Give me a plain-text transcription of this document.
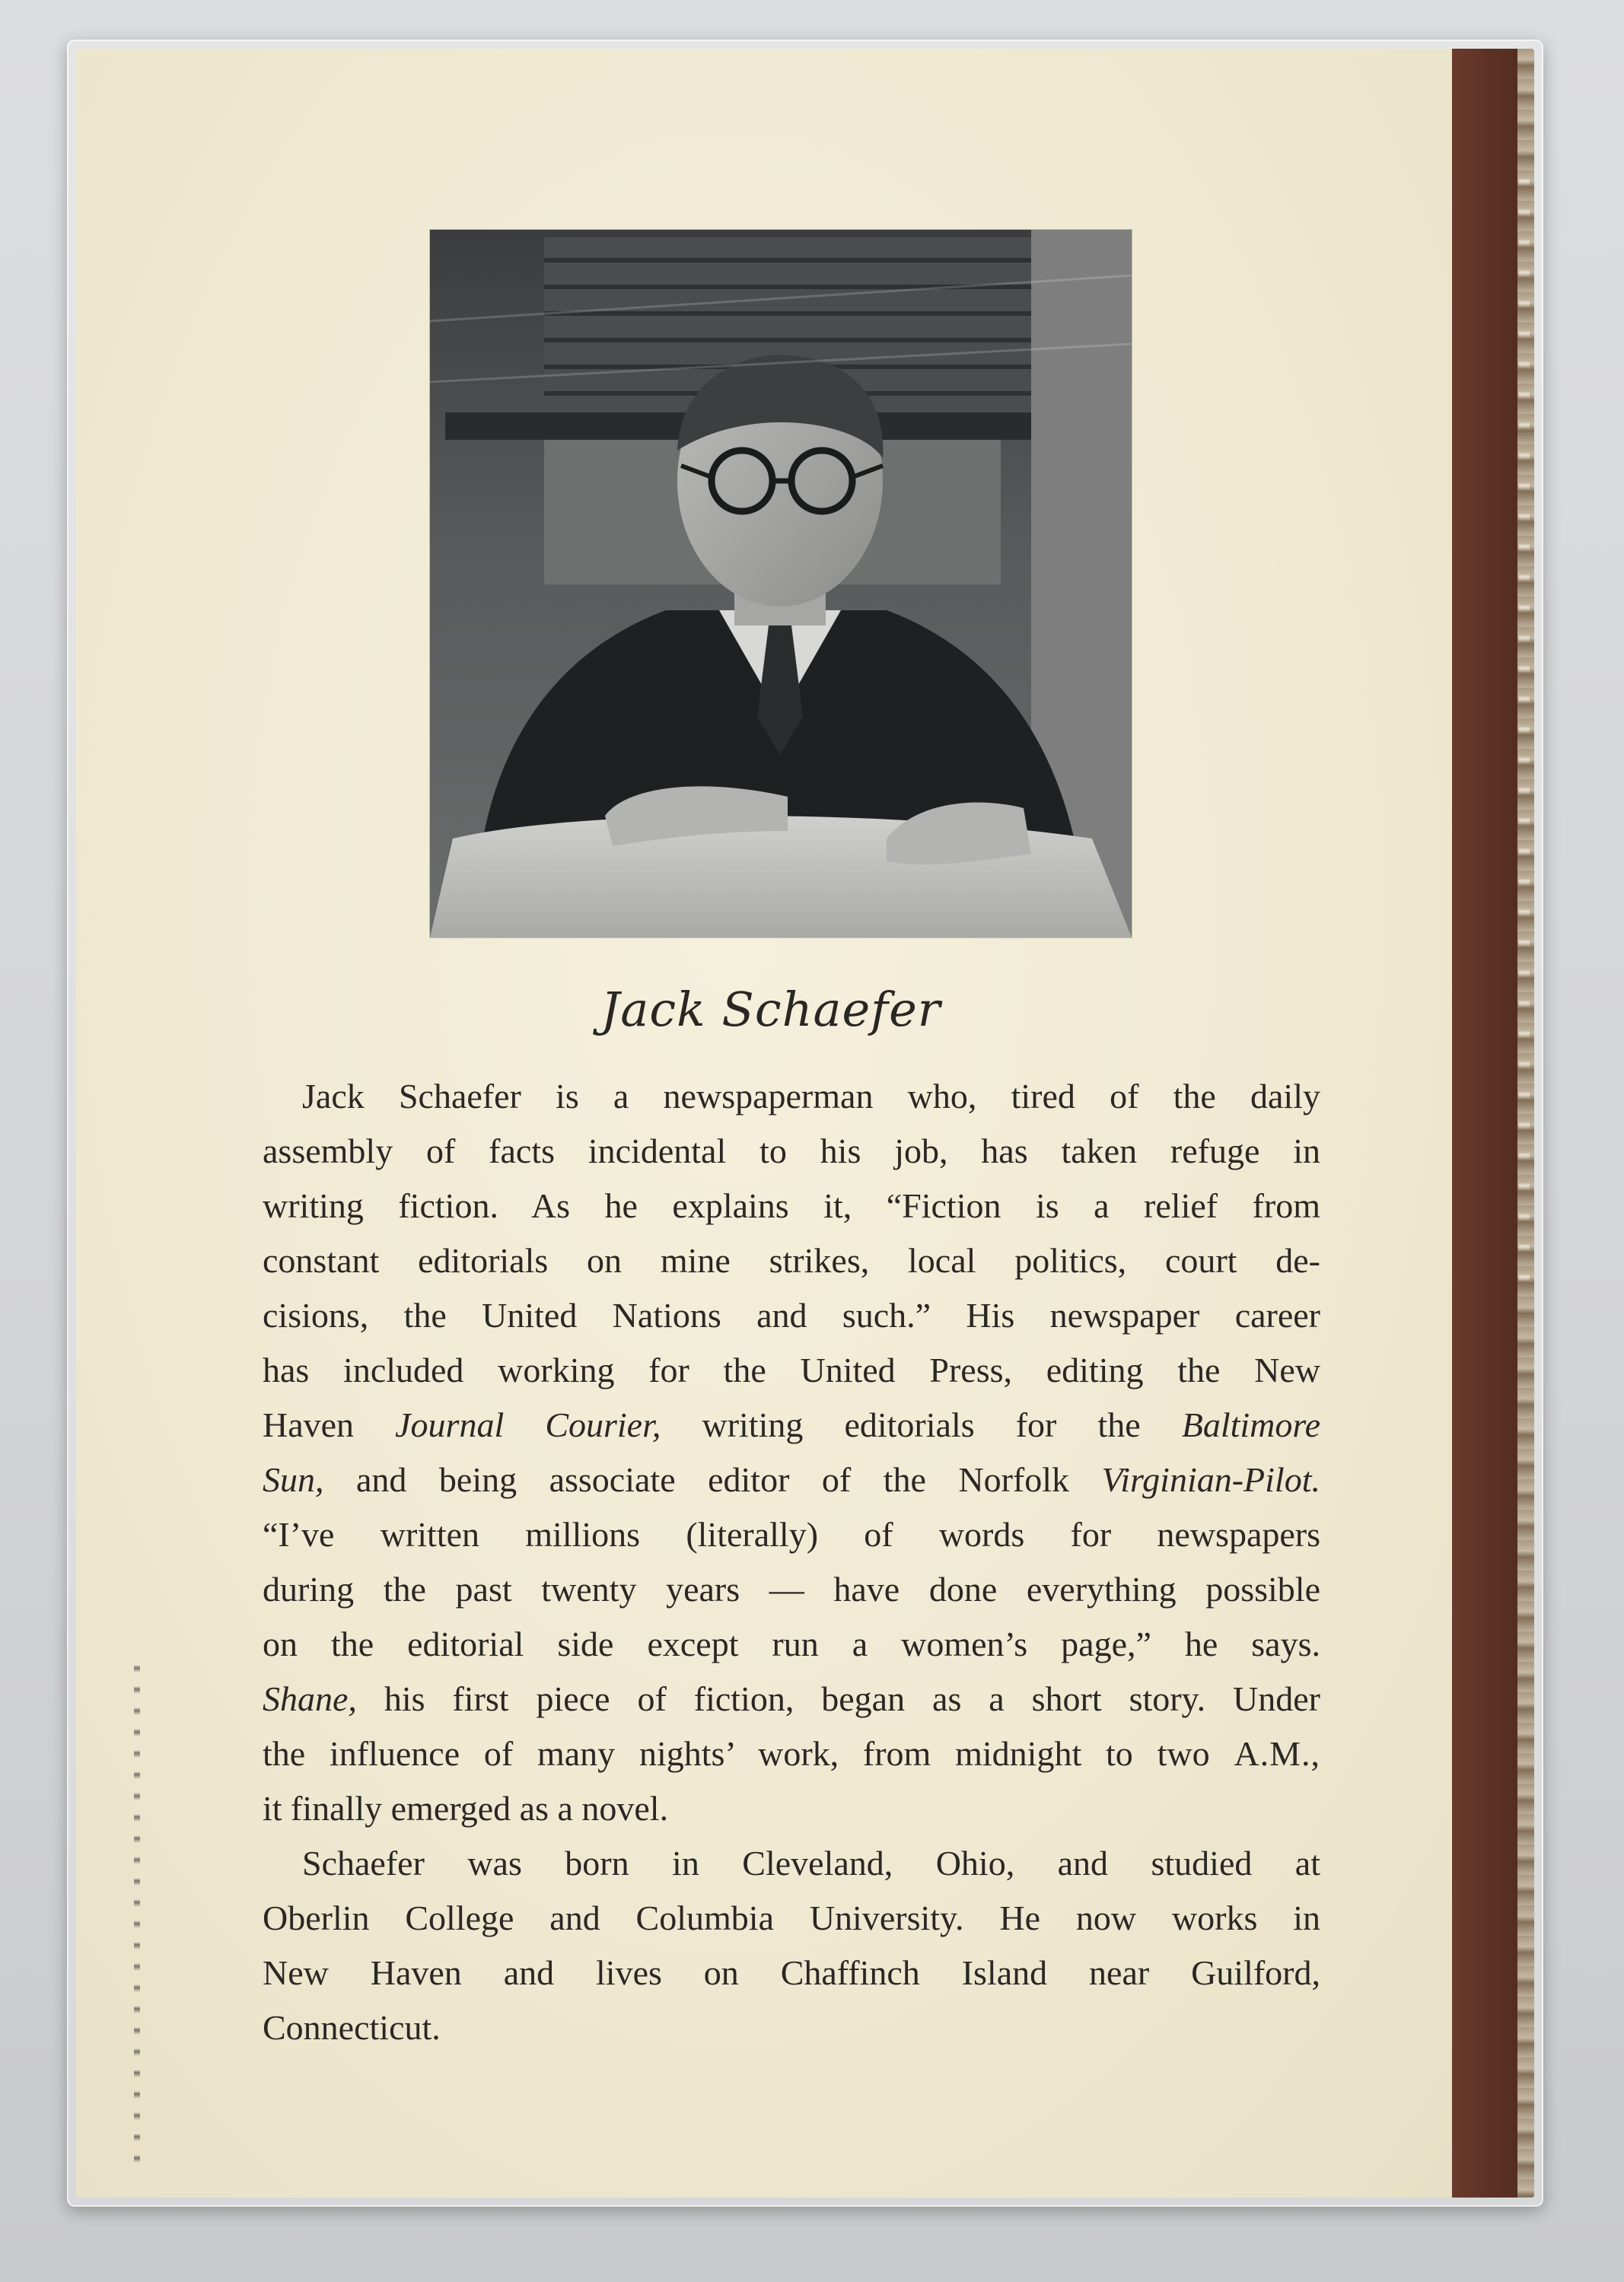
Jack Schaefer
Jack Schaefer is a newspaperman who, tired of the daily
assembly of facts incidental to his job, has taken refuge in
writing fiction. As he explains it, “Fiction is a relief from
constant editorials on mine strikes, local politics, court de-
cisions, the United Nations and such.” His newspaper career
has included working for the United Press, editing the New
Haven Journal Courier, writing editorials for the Baltimore
Sun, and being associate editor of the Norfolk Virginian-Pilot.
“I’ve written millions (literally) of words for newspapers
during the past twenty years — have done everything possible
on the editorial side except run a women’s page,” he says.
Shane, his first piece of fiction, began as a short story. Under
the influence of many nights’ work, from midnight to two A.M.,
it finally emerged as a novel.
Schaefer was born in Cleveland, Ohio, and studied at
Oberlin College and Columbia University. He now works in
New Haven and lives on Chaffinch Island near Guilford,
Connecticut.
